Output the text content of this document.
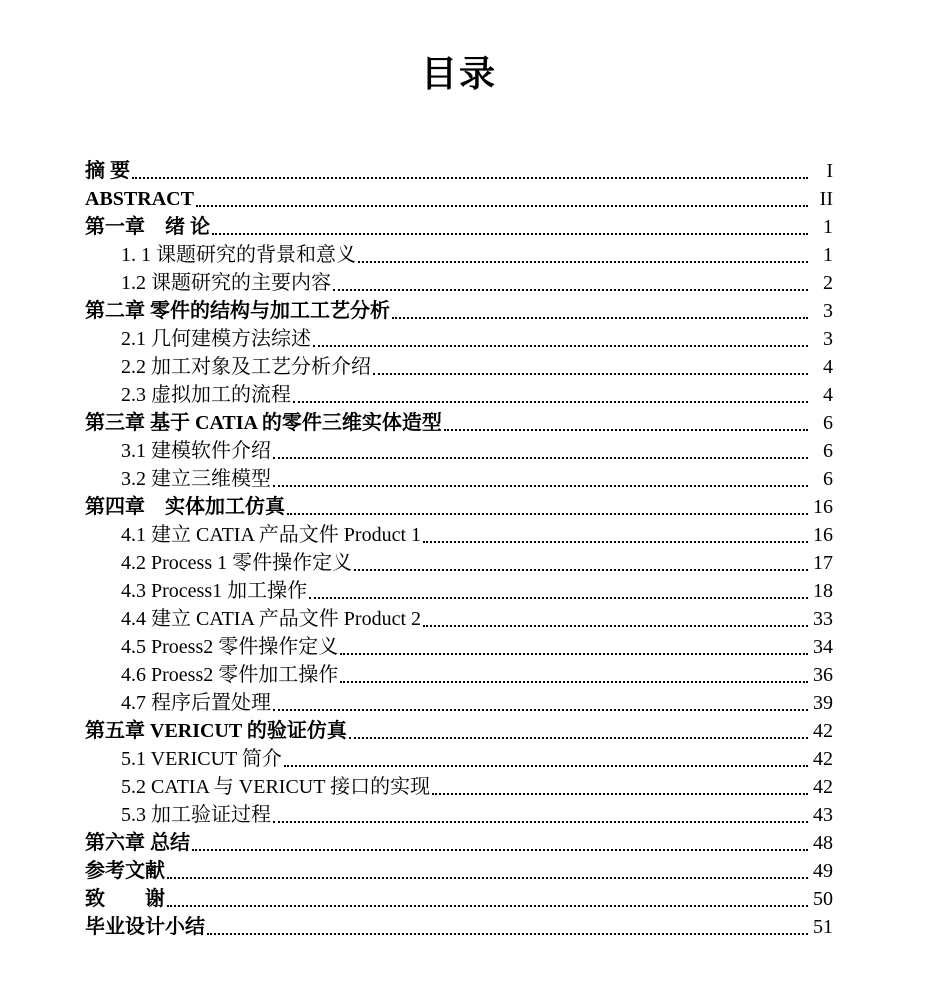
目录
摘 要	I
ABSTRACT	II
第一章　绪 论	1
1. 1 课题研究的背景和意义	1
1.2 课题研究的主要内容	2
第二章 零件的结构与加工工艺分析	3
2.1 几何建模方法综述	3
2.2 加工对象及工艺分析介绍	4
2.3 虚拟加工的流程	4
第三章 基于 CATIA 的零件三维实体造型	6
3.1 建模软件介绍	6
3.2 建立三维模型	6
第四章　实体加工仿真	16
4.1 建立 CATIA 产品文件 Product 1	16
4.2 Process 1 零件操作定义	17
4.3 Process1 加工操作	18
4.4 建立 CATIA 产品文件 Product 2	33
4.5 Proess2 零件操作定义	34
4.6 Proess2 零件加工操作	36
4.7 程序后置处理	39
第五章 VERICUT 的验证仿真	42
5.1 VERICUT 简介	42
5.2 CATIA 与 VERICUT 接口的实现	42
5.3 加工验证过程	43
第六章 总结	48
参考文献	49
致　　谢	50
毕业设计小结	51
